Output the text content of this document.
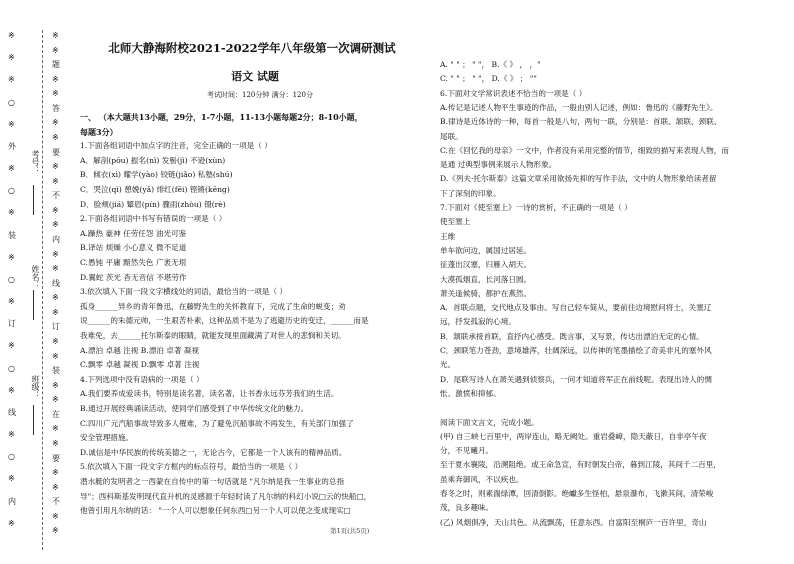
※
※
题
※
※
答
※
※
要
※
※
不
※
※
内
※
※
线
※
※
订
※
※
装
※
※
在
※
※
要
※
※
不
※
※
※
※
※
○
※
外
※
○
※
装
※
○
※
订
※
○
※
线
※
○
※
内
※
考号：
姓名：
班级：
北师大静海附校2021-2022学年八年级第一次调研测试
语文 试题
考试时间：120分钟 满分：120分
一、 （本大题共13小题，29分，1-7小题，11-13小题每题2分；8-10小题，
每题3分）
1.下面各组词语中加点字的注音，完全正确的一项是（ ）
A．解剖(pōu) 振名(nì) 发髻(jì) 不逊(xùn)
B．倾衣(xì) 耀学(yào) 铰链(jiǎo) 私塾(shú)
C．哭泣(qì) 憩娩(yǎ) 绯红(fēi) 铿锵(kēng)
D．脸颊(jiá) 颦眉(pín) 骤雨(zhòu) 镊(rè)
2.下面各组词语中书写有错误的一项是（ ）
A.躁热 豪神 任劳任怨 油光可鉴
B.译站 烦燥 小心意义 微不足道
C.愚钝 平庸 黯然失色 广袤无垠
D.翼蛇 茨光 杳无音信 不堪劳作
3.依次填入下面一段文字横线处的词语，最恰当的一项是（ ）
孤身______异乡的青年鲁迅，在藤野先生的关怀教育下，完成了生命的蜕变；劝
说______的朱德元帅，一生艰苦朴素，这种品质不是为了逃避历史的变迁，______而是
我难免，去______托尔斯泰的眼睛，就能发现里面藏满了对世人的悲悯和关切。
A.漂泊 卓越 注视 B.漂泊 卓著 凝视
C.飘零 卓越 凝视 D.飘零 卓著 注视
4.下列选项中没有语病的一项是（ ）
A.我们要养成爱读书，特别是读名著，读名著，让书香永远芬芳我们的生活。
B.通过开展经典诵读活动，使同学们感受到了中华传统文化的魅力。
C.四川广元汽船事故导致多人罹难，为了避免沉船事故不再发生，有关部门加强了
安全管理措施。
D.诚信是中华民族的传统美德之一，无论古今，它都是一个人该有的精神品质。
5.依次填入下面一段文字方框内的标点符号，最恰当的一项是（ ）
潜水艇的发明者之一西蒙在自传中的第一句话就是 "凡尔纳是我一生事业的总指
导"；西科斯基发明现代直升机的灵感源于年轻时读了凡尔纳的科幻小说□云的快船□，
他曾引用凡尔纳的话： "一个人可以想象任何东西□另一个人可以使之变成现实□
A. " " ； " "， B.《 》 ， ，"
C. " " ； " "， D.《 》 ； ""
6.下面对文学常识表述不恰当的一项是（ ）
A.传记是记述人物平生事迹的作品，一般由别人记述，例如：鲁迅的《藤野先生》。
B.律诗是近体诗的一种，每首一般是八句，两句一联，分别是：首联、颔联、颈联、
尾联。
C.在《回忆我的母亲》一文中，作者没有采用完整的情节，细致的描写来表现人物，而
是通 过典型事例来展示人物形象。
D.《列夫·托尔斯泰》这篇文章采用欲扬先抑的写作手法，文中的人物形象给读者留
下了深刻的印象。
7.下面对《使至塞上》一诗的赏析，不正确的一项是（ ）
使至塞上
王维
单车欲问边，属国过居延。
征蓬出汉塞，归雁入胡天。
大漠孤烟直，长河落日圆。
萧关逢候骑，都护在燕然。
A．首联点题，交代地点及事由。写自己轻车简从，要前往边境慰问将士，关塞辽
远，抒发孤寂的心境。
B．颔联承接首联，直抒内心感受。既言事，又写景，传达出漂泊无定的心情。
C．颈联笔力苍劲，意境雄浑，壮阔深远，以传神的笔墨描绘了奇美非凡的塞外风
光。
D．尾联写诗人在萧关遇到侦察兵，一问才知道将军正在前线呢。表现出诗人的惆
怅、激愤和抑郁。
阅读下面文言文，完成小题。
(甲) 自三峡七百里中，两岸连山，略无阙处。重岩叠嶂，隐天蔽日，自非亭午夜
分，不见曦月。
至于夏水襄陵，沿溯阻绝。或王命急宣，有时朝发白帝，暮到江陵，其间千二百里，
虽乘奔御风，不以疾也。
春冬之时，则素湍绿潭，回清倒影。绝巘多生怪柏，悬泉瀑布，飞漱其间，清荣峻
茂，良多趣味。
(乙) 风烟俱净，天山共色。从流飘荡，任意东西。自富阳至桐庐一百许里，奇山
第1页(共5页)
